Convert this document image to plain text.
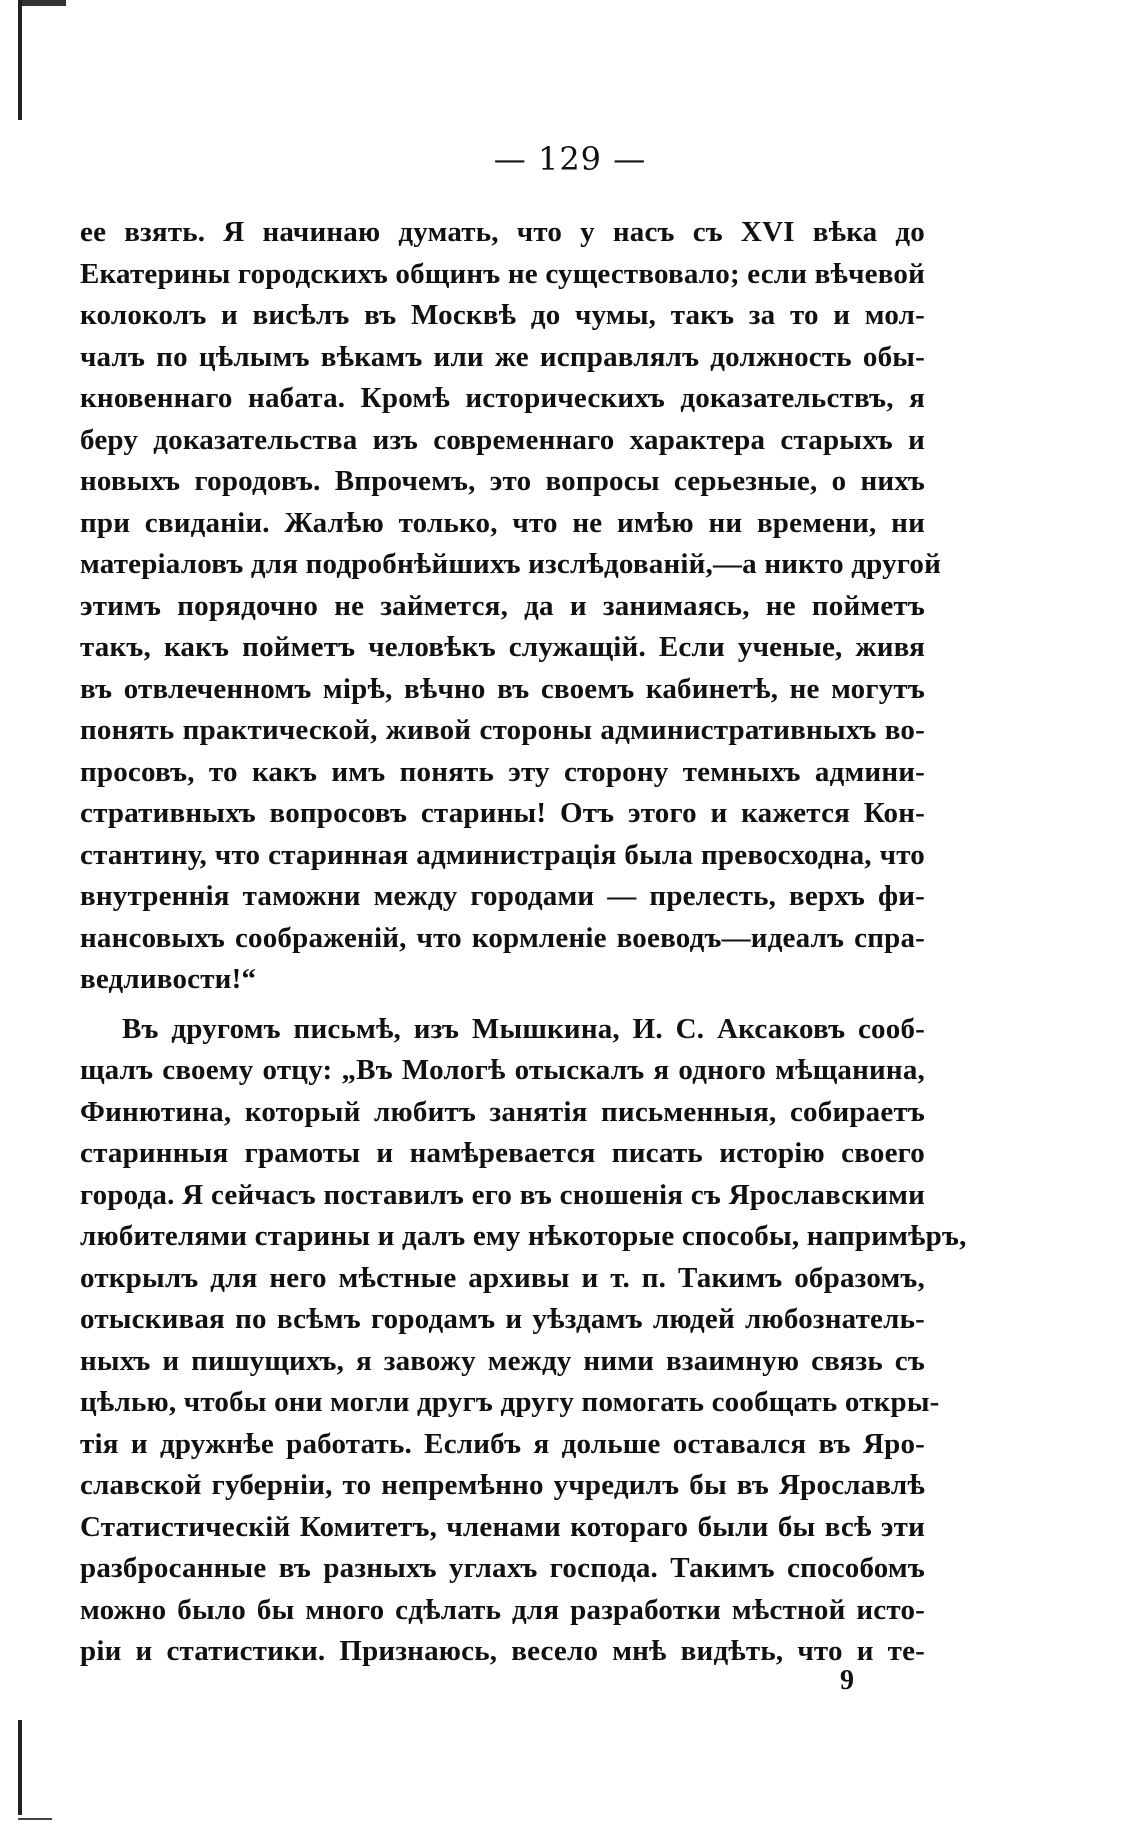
— 129 —
ее взять. Я начинаю думать, что у насъ съ XVI вѣка до
Екатерины городскихъ общинъ не существовало; если вѣчевой
колоколъ и висѣлъ въ Москвѣ до чумы, такъ за то и мол-
чалъ по цѣлымъ вѣкамъ или же исправлялъ должность обы-
кновеннаго набата. Кромѣ историческихъ доказательствъ, я
беру доказательства изъ современнаго характера старыхъ и
новыхъ городовъ. Впрочемъ, это вопросы серьезные, о нихъ
при свиданіи. Жалѣю только, что не имѣю ни времени, ни
матеріаловъ для подробнѣйшихъ изслѣдованій,—а никто другой
этимъ порядочно не займется, да и занимаясь, не пойметъ
такъ, какъ пойметъ человѣкъ служащій. Если ученые, живя
въ отвлеченномъ мірѣ, вѣчно въ своемъ кабинетѣ, не могутъ
понять практической, живой стороны административныхъ во-
просовъ, то какъ имъ понять эту сторону темныхъ админи-
стративныхъ вопросовъ старины! Отъ этого и кажется Кон-
стантину, что старинная администрація была превосходна, что
внутреннія таможни между городами — прелесть, верхъ фи-
нансовыхъ соображеній, что кормленіе воеводъ—идеалъ спра-
ведливости!“
Въ другомъ письмѣ, изъ Мышкина, И. С. Аксаковъ сооб-
щалъ своему отцу: „Въ Мологѣ отыскалъ я одного мѣщанина,
Финютина, который любитъ занятія письменныя, собираетъ
старинныя грамоты и намѣревается писать исторію своего
города. Я сейчасъ поставилъ его въ сношенія съ Ярославскими
любителями старины и далъ ему нѣкоторые способы, напримѣръ,
открылъ для него мѣстные архивы и т. п. Такимъ образомъ,
отыскивая по всѣмъ городамъ и уѣздамъ людей любознатель-
ныхъ и пишущихъ, я завожу между ними взаимную связь съ
цѣлью, чтобы они могли другъ другу помогать сообщать откры-
тія и дружнѣе работать. Еслибъ я дольше оставался въ Яро-
славской губерніи, то непремѣнно учредилъ бы въ Ярославлѣ
Статистическій Комитетъ, членами котораго были бы всѣ эти
разбросанные въ разныхъ углахъ господа. Такимъ способомъ
можно было бы много сдѣлать для разработки мѣстной исто-
ріи и статистики. Признаюсь, весело мнѣ видѣть, что и те-
9
